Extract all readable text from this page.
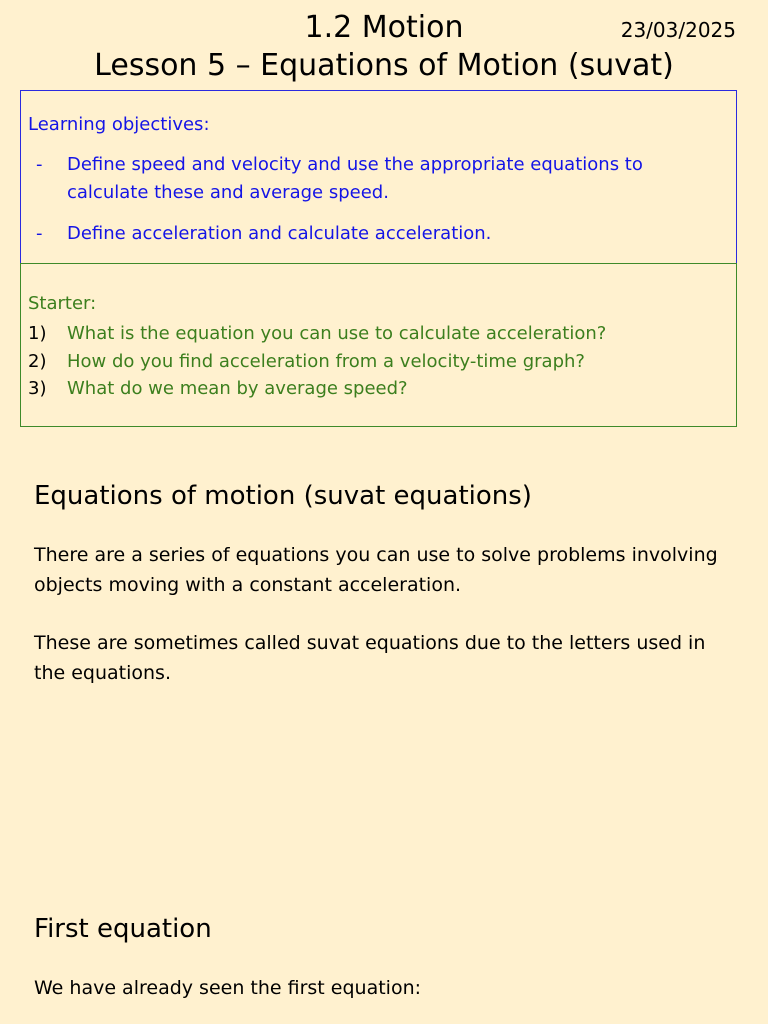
1.2 Motion	23/03/2025
Lesson 5 – Equations of Motion (suvat)
Learning objectives:
- Define speed and velocity and use the appropriate equations to calculate these and average speed.
- Define acceleration and calculate acceleration.
Starter:
1) What is the equation you can use to calculate acceleration?
2) How do you find acceleration from a velocity-time graph?
3) What do we mean by average speed?
Equations of motion (suvat equations)
There are a series of equations you can use to solve problems involving objects moving with a constant acceleration.
These are sometimes called suvat equations due to the letters used in the equations.
First equation
We have already seen the first equation:
